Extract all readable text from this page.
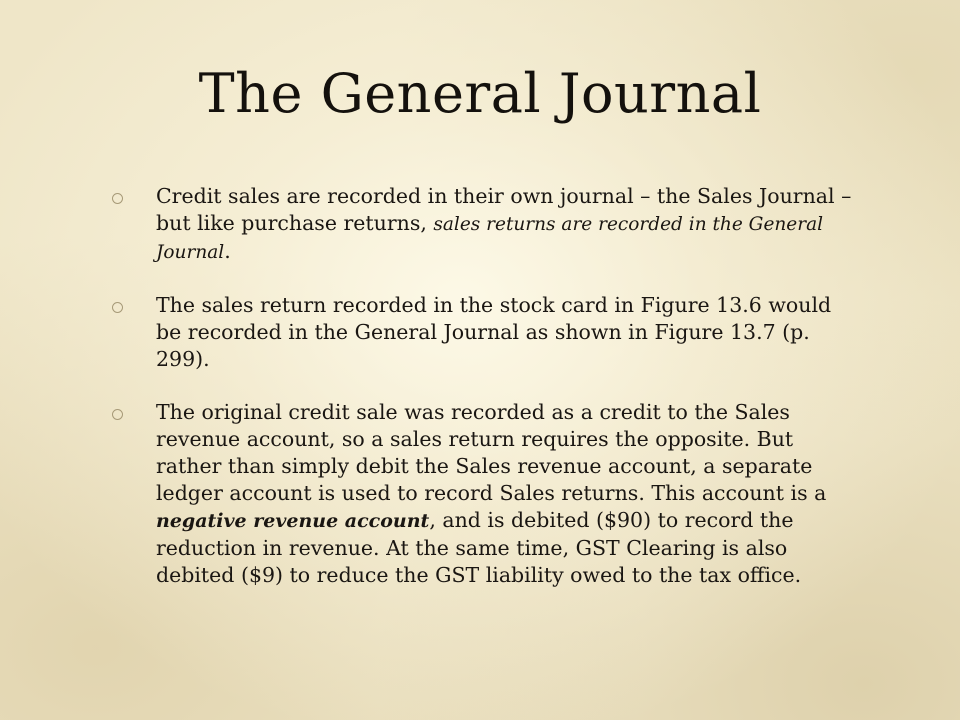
The General Journal
Credit sales are recorded in their own journal – the Sales Journal – but like purchase returns, sales returns are recorded in the General Journal.
The sales return recorded in the stock card in Figure 13.6 would be recorded in the General Journal as shown in Figure 13.7 (p. 299).
The original credit sale was recorded as a credit to the Sales revenue account, so a sales return requires the opposite. But rather than simply debit the Sales revenue account, a separate ledger account is used to record Sales returns. This account is a negative revenue account, and is debited ($90) to record the reduction in revenue. At the same time, GST Clearing is also debited ($9) to reduce the GST liability owed to the tax office.
